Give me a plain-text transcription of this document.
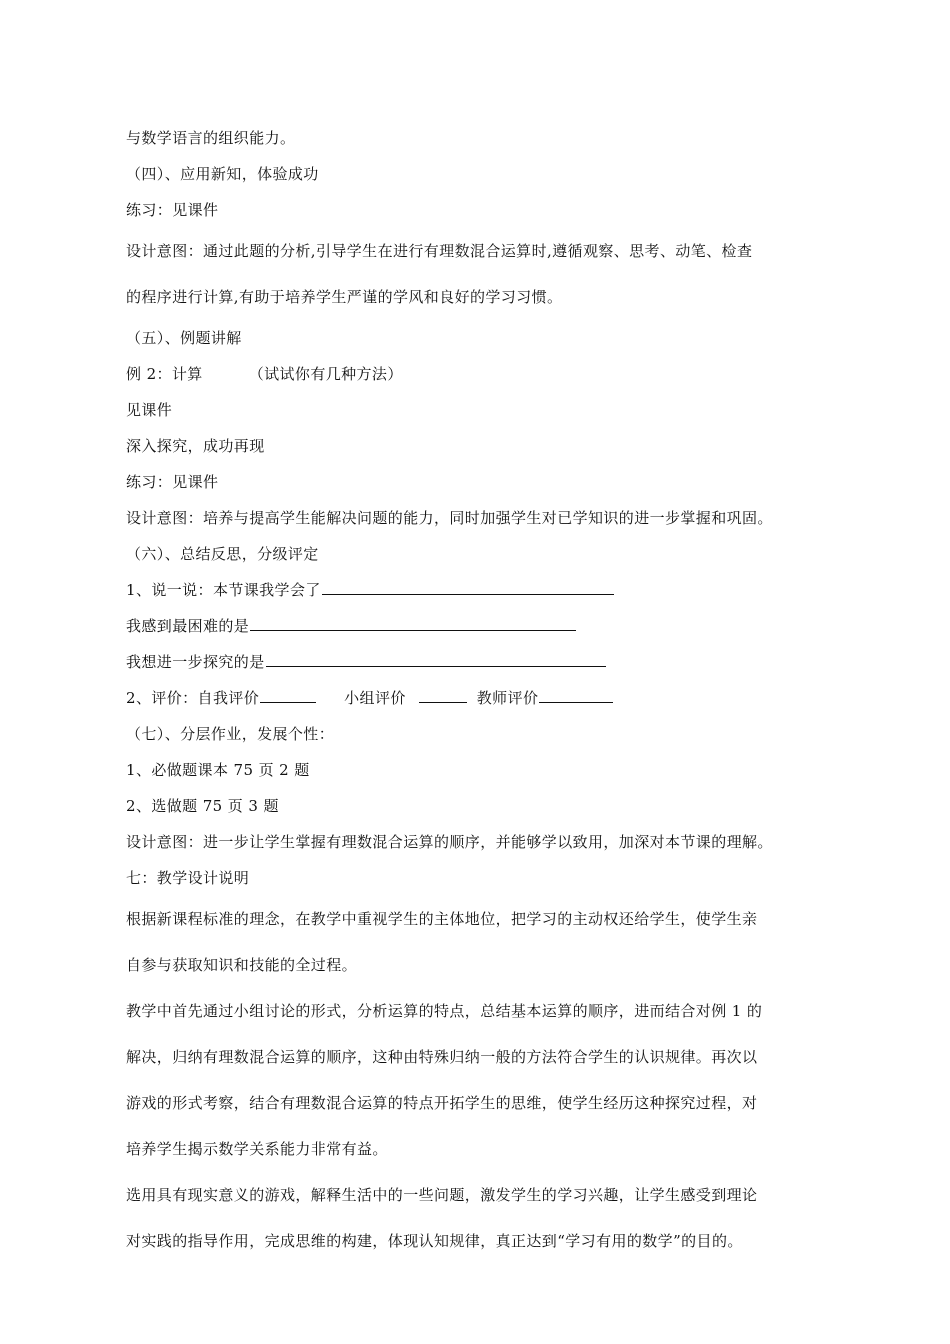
与数学语言的组织能力。
（四）、应用新知，体验成功
练习：见课件
设计意图：通过此题的分析,引导学生在进行有理数混合运算时,遵循观察、思考、动笔、检查
的程序进行计算,有助于培养学生严谨的学风和良好的学习习惯。
（五）、例题讲解
例 2：计算	（试试你有几种方法）
见课件
深入探究，成功再现
练习：见课件
设计意图：培养与提高学生能解决问题的能力，同时加强学生对已学知识的进一步掌握和巩固。
（六）、总结反思，分级评定
1、说一说：本节课我学会了
我感到最困难的是
我想进一步探究的是
2、评价：自我评价	小组评价	教师评价
（七）、分层作业，发展个性：
1、必做题课本 75 页 2 题
2、选做题 75 页 3 题
设计意图：进一步让学生掌握有理数混合运算的顺序，并能够学以致用，加深对本节课的理解。
七：教学设计说明
根据新课程标准的理念，在教学中重视学生的主体地位，把学习的主动权还给学生，使学生亲
自参与获取知识和技能的全过程。
教学中首先通过小组讨论的形式，分析运算的特点，总结基本运算的顺序，进而结合对例 1 的
解决，归纳有理数混合运算的顺序，这种由特殊归纳一般的方法符合学生的认识规律。再次以
游戏的形式考察，结合有理数混合运算的特点开拓学生的思维，使学生经历这种探究过程，对
培养学生揭示数学关系能力非常有益。
选用具有现实意义的游戏，解释生活中的一些问题，激发学生的学习兴趣，让学生感受到理论
对实践的指导作用，完成思维的构建，体现认知规律，真正达到“学习有用的数学”的目的。
